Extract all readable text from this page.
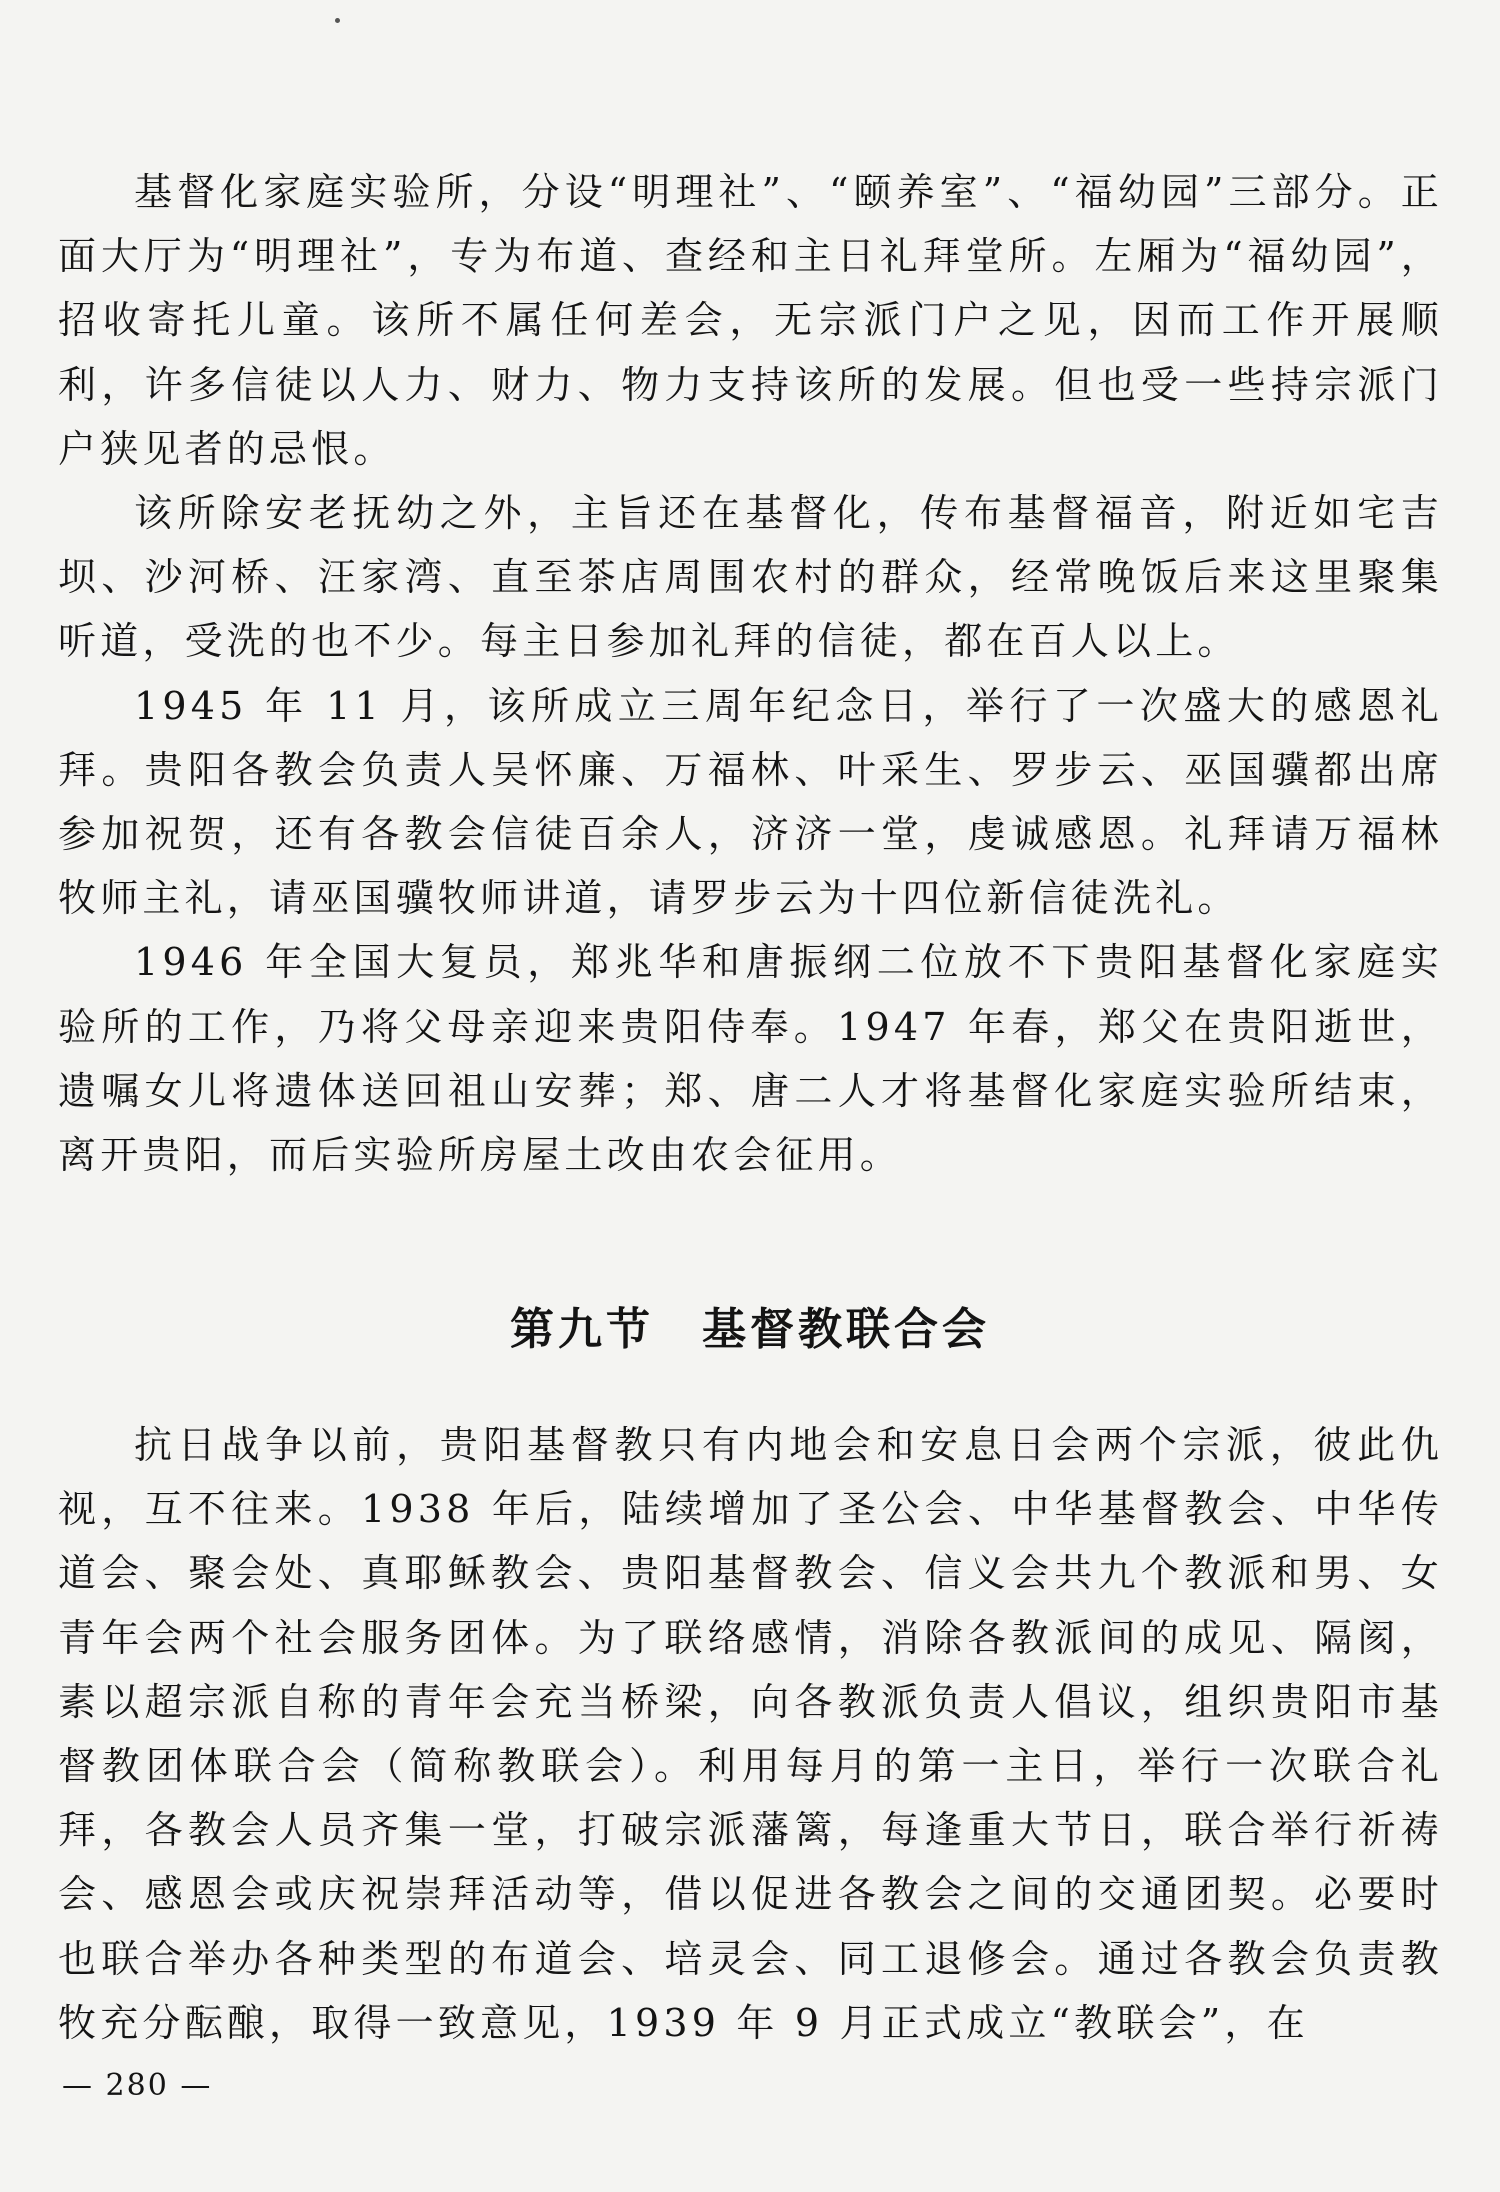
基督化家庭实验所，分设“明理社”、“颐养室”、“福幼园”三部分。正面大厅为“明理社”，专为布道、查经和主日礼拜堂所。左厢为“福幼园”，招收寄托儿童。该所不属任何差会，无宗派门户之见，因而工作开展顺利，许多信徒以人力、财力、物力支持该所的发展。但也受一些持宗派门户狭见者的忌恨。

该所除安老抚幼之外，主旨还在基督化，传布基督福音，附近如宅吉坝、沙河桥、汪家湾、直至茶店周围农村的群众，经常晚饭后来这里聚集听道，受洗的也不少。每主日参加礼拜的信徒，都在百人以上。

1945 年 11 月，该所成立三周年纪念日，举行了一次盛大的感恩礼拜。贵阳各教会负责人吴怀廉、万福林、叶采生、罗步云、巫国骥都出席参加祝贺，还有各教会信徒百余人，济济一堂，虔诚感恩。礼拜请万福林牧师主礼，请巫国骥牧师讲道，请罗步云为十四位新信徒洗礼。

1946 年全国大复员，郑兆华和唐振纲二位放不下贵阳基督化家庭实验所的工作，乃将父母亲迎来贵阳侍奉。1947 年春，郑父在贵阳逝世，遗嘱女儿将遗体送回祖山安葬；郑、唐二人才将基督化家庭实验所结束，离开贵阳，而后实验所房屋土改由农会征用。

第九节　基督教联合会

抗日战争以前，贵阳基督教只有内地会和安息日会两个宗派，彼此仇视，互不往来。1938 年后，陆续增加了圣公会、中华基督教会、中华传道会、聚会处、真耶稣教会、贵阳基督教会、信义会共九个教派和男、女青年会两个社会服务团体。为了联络感情，消除各教派间的成见、隔阂，素以超宗派自称的青年会充当桥梁，向各教派负责人倡议，组织贵阳市基督教团体联合会（简称教联会）。利用每月的第一主日，举行一次联合礼拜，各教会人员齐集一堂，打破宗派藩篱，每逢重大节日，联合举行祈祷会、感恩会或庆祝崇拜活动等，借以促进各教会之间的交通团契。必要时也联合举办各种类型的布道会、培灵会、同工退修会。通过各教会负责教牧充分酝酿，取得一致意见，1939 年 9 月正式成立“教联会”，在

— 280 —
